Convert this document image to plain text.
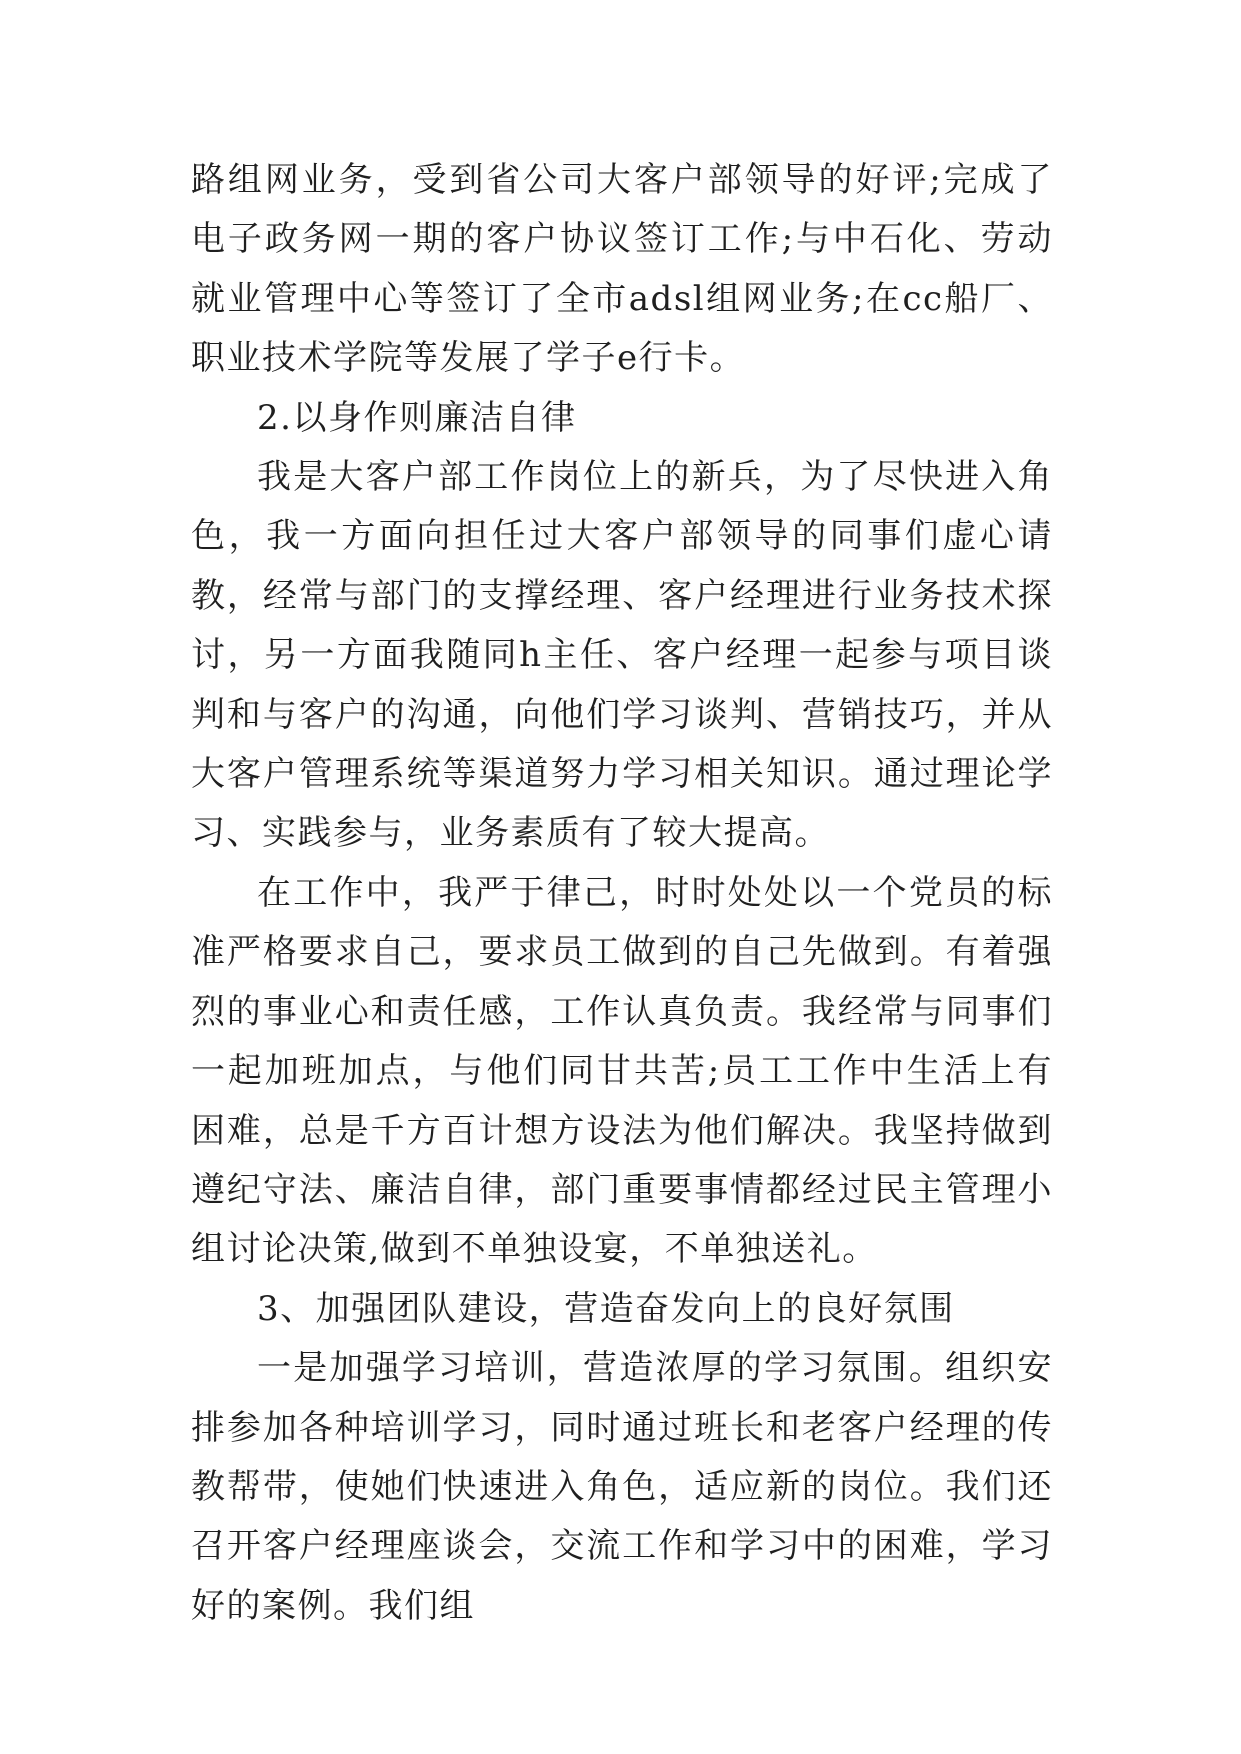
路组网业务，受到省公司大客户部领导的好评;完成了电子政务网一期的客户协议签订工作;与中石化、劳动就业管理中心等签订了全市adsl组网业务;在cc船厂、职业技术学院等发展了学子e行卡。

2.以身作则廉洁自律

我是大客户部工作岗位上的新兵，为了尽快进入角色，我一方面向担任过大客户部领导的同事们虚心请教，经常与部门的支撑经理、客户经理进行业务技术探讨，另一方面我随同h主任、客户经理一起参与项目谈判和与客户的沟通，向他们学习谈判、营销技巧，并从大客户管理系统等渠道努力学习相关知识。通过理论学习、实践参与，业务素质有了较大提高。

在工作中，我严于律己，时时处处以一个党员的标准严格要求自己，要求员工做到的自己先做到。有着强烈的事业心和责任感，工作认真负责。我经常与同事们一起加班加点，与他们同甘共苦;员工工作中生活上有困难，总是千方百计想方设法为他们解决。我坚持做到遵纪守法、廉洁自律，部门重要事情都经过民主管理小组讨论决策,做到不单独设宴，不单独送礼。

3、加强团队建设，营造奋发向上的良好氛围

一是加强学习培训，营造浓厚的学习氛围。组织安排参加各种培训学习，同时通过班长和老客户经理的传教帮带，使她们快速进入角色，适应新的岗位。我们还召开客户经理座谈会，交流工作和学习中的困难，学习好的案例。我们组
